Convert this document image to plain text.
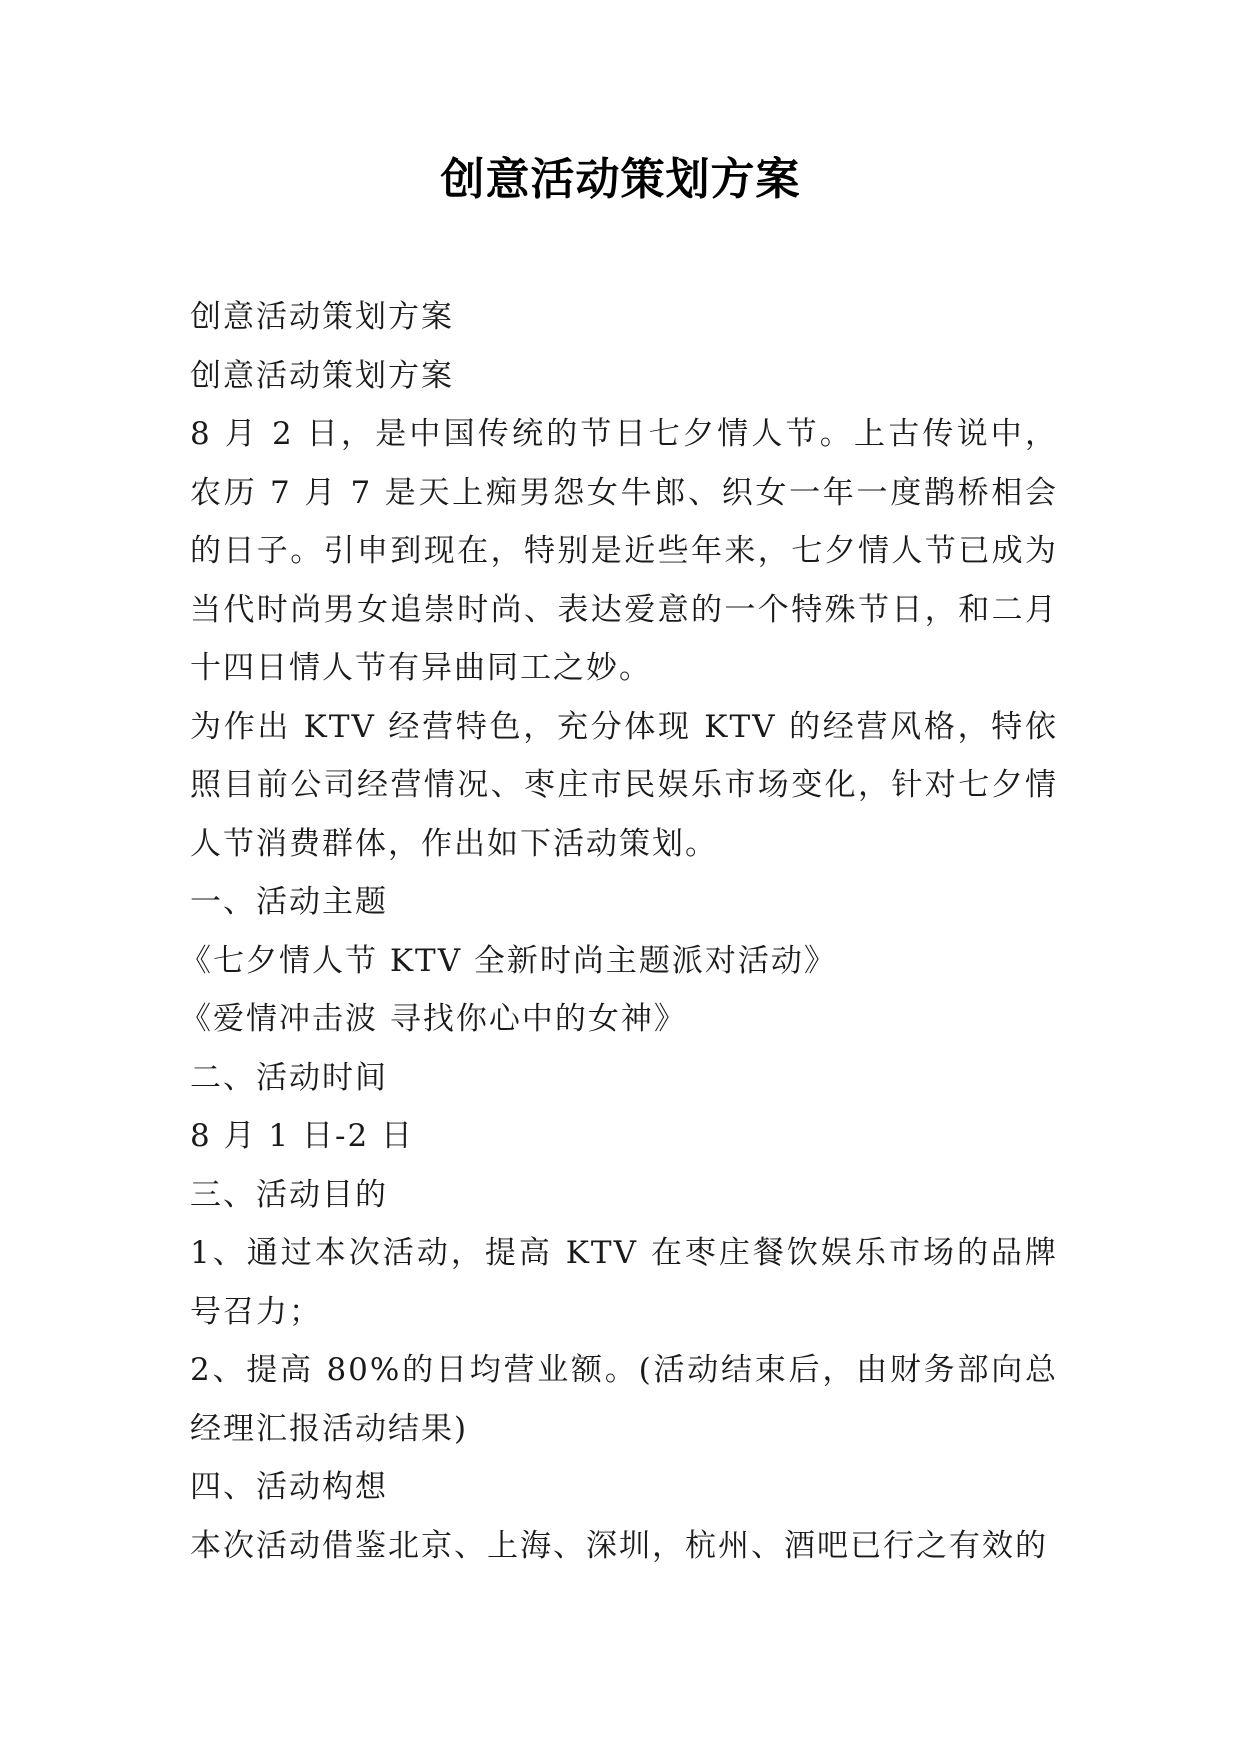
创意活动策划方案

创意活动策划方案

创意活动策划方案

8 月 2 日，是中国传统的节日七夕情人节。上古传说中，农历 7 月 7 是天上痴男怨女牛郎、织女一年一度鹊桥相会的日子。引申到现在，特别是近些年来，七夕情人节已成为当代时尚男女追崇时尚、表达爱意的一个特殊节日，和二月十四日情人节有异曲同工之妙。

为作出 KTV 经营特色，充分体现 KTV 的经营风格，特依照目前公司经营情况、枣庄市民娱乐市场变化，针对七夕情人节消费群体，作出如下活动策划。

一、活动主题

《七夕情人节 KTV 全新时尚主题派对活动》

《爱情冲击波 寻找你心中的女神》

二、活动时间

8 月 1 日-2 日

三、活动目的

1、通过本次活动，提高 KTV 在枣庄餐饮娱乐市场的品牌号召力；

2、提高 80%的日均营业额。(活动结束后，由财务部向总经理汇报活动结果)

四、活动构想

本次活动借鉴北京、上海、深圳，杭州、酒吧已行之有效的
